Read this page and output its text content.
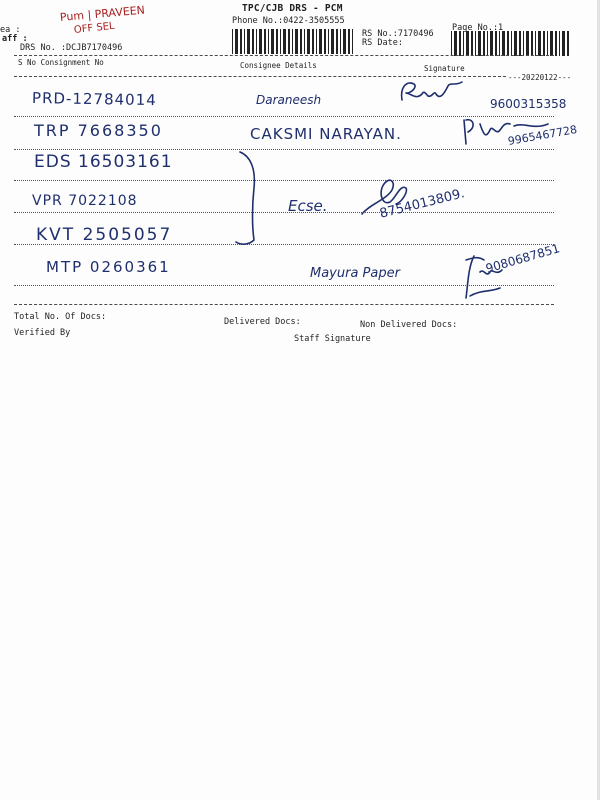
TPC/CJB DRS - PCM
Phone No.:0422-3505555
RS No.:7170496
RS Date:
Page No.:1
ea :
aff :
DRS No. :DCJB7170496
Pum | PRAVEEN
OFF SEL
S No Consignment No	Consignee Details	Signature
---20220122---
PRD-12784014	Daraneesh	9600315358
TRP 7668350	CAKSMI NARAYAN.	9965467728
EDS 16503161
VPR 7022108	Ecse.	8754013809.
KVT 2505057
MTP 0260361	Mayura Paper	9080687851
Total No. Of Docs:	Delivered Docs:	Non Delivered Docs:
Verified By
Staff Signature
